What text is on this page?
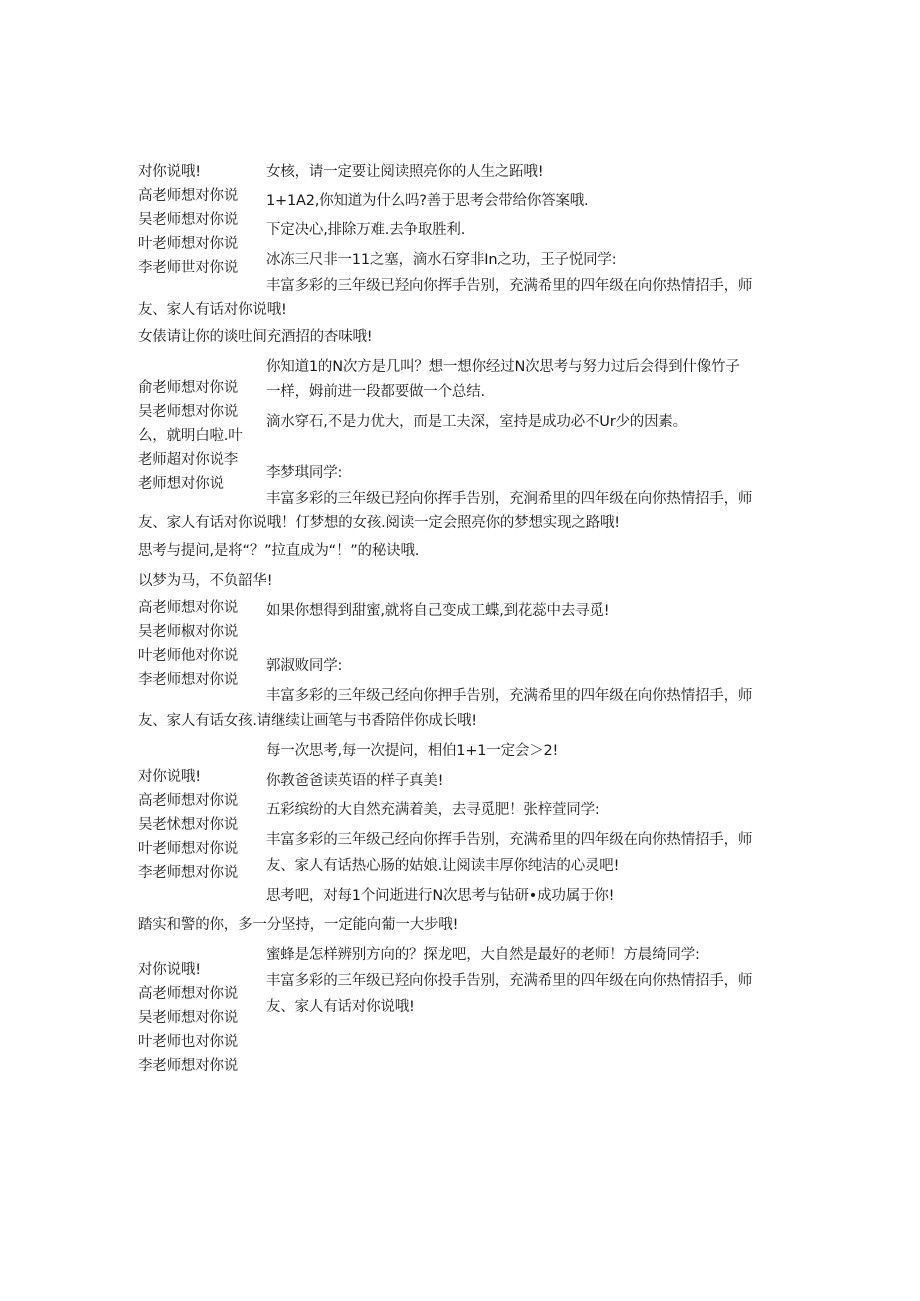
对你说哦!	女核，请一定要让阅读照亮你的人生之跖哦!

高老师想对你说 1+1A2,你知道为什么吗?善于思考会带给你答案哦.

吴老师想对你说

下定决心,排除万难.去争取胜利.

叶老师想对你说

冰冻三尺非一11之塞，滴水石穿非In之功，王子悦同学:

李老师世对你说

丰富多彩的三年级已羟向你挥手告别，充满希里的四年级在向你热情招手，师

友、家人有话对你说哦!

女俵请让你的谈吐间充酒招的杏味哦!

你知道1的N次方是几叫？想一想你经过N次思考与努力过后会得到什像竹子

一样，姆前进一段都要做一个总结.

俞老师想对你说

吴老师想对你说

滴水穿石,不是力优大，而是工夫深，室持是成功必不Ur少的因素。

么，就明白啦.叶

老师超对你说李

李梦琪同学:

老师想对你说

丰富多彩的三年级已羟向你挥手告别，充涧希里的四年级在向你热情招手，师

友、家人有话对你说哦！仃梦想的女孩.阅读一定会照亮你的梦想实现之路哦!

思考与提问,是将“？”拉直成为“！”的秘诀哦.

以梦为马，不负韶华!

高老师想对你说 如果你想得到甜蜜,就将自己变成工蝶,到花蕊中去寻觅!

吴老师椒对你说

叶老师他对你说

郭淑败同学:

李老师想对你说

丰富多彩的三年级己经向你押手告别，充满希里的四年级在向你热情招手，师

友、家人有话女孩.请继续让画笔与书香陪伴你成长哦!

每一次思考,每一次提问，相伯1+1一定会＞2!

对你说哦!	你教爸爸读英语的样子真美!

高老师想对你说

五彩缤纷的大自然充满着美，去寻觅肥！张梓萱同学:

吴老怵想对你说

丰富多彩的三年级己经向你挥手告别，充满希里的四年级在向你热情招手，师

叶老师想对你说

友、家人有话热心肠的姑娘.让阅读丰厚你纯洁的心灵吧!

李老师想对你说

思考吧，对每1个问逝进行N次思考与钻研•成功属于你!

踏实和警的你，多一分坚持，一定能向葡一大步哦!

蜜蜂是怎样辨别方向的？探龙吧，大自然是最好的老师！方晨绮同学:

对你说哦!

丰富多彩的三年级已羟向你投手告别，充满希里的四年级在向你热情招手，师

高老师想对你说

友、家人有话对你说哦!

吴老师想对你说

叶老师也对你说

李老师想对你说
